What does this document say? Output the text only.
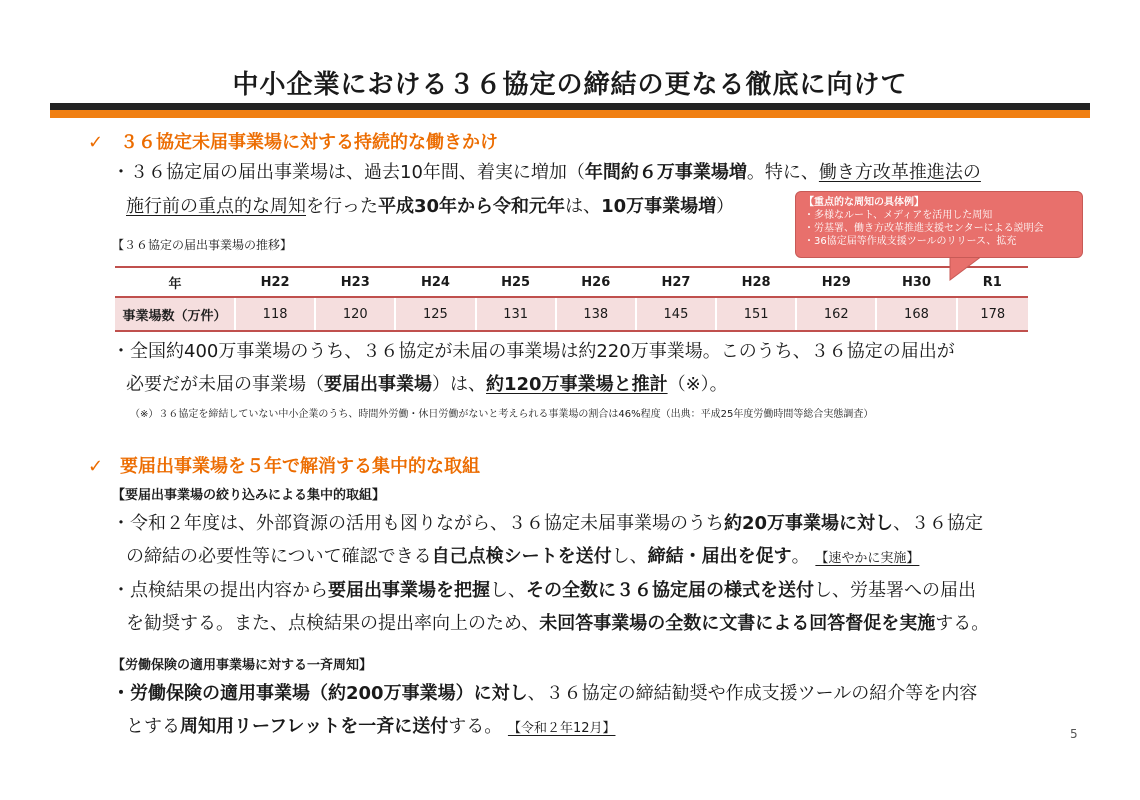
中小企業における３６協定の締結の更なる徹底に向けて
✓ ３６協定未届事業場に対する持続的な働きかけ
・３６協定届の届出事業場は、過去10年間、着実に増加（年間約６万事業場増。特に、働き方改革推進法の
施行前の重点的な周知を行った平成30年から令和元年は、10万事業場増）
【３６協定の届出事業場の推移】
年	H22	H23	H24	H25	H26	H27	H28	H29	H30	R1
事業場数（万件）	118	120	125	131	138	145	151	162	168	178
【重点的な周知の具体例】
・多様なルート、メディアを活用した周知
・労基署、働き方改革推進支援センターによる説明会
・36協定届等作成支援ツールのリリース、拡充
・全国約400万事業場のうち、３６協定が未届の事業場は約220万事業場。このうち、３６協定の届出が
必要だが未届の事業場（要届出事業場）は、約120万事業場と推計（※）。
（※）３６協定を締結していない中小企業のうち、時間外労働・休日労働がないと考えられる事業場の割合は46%程度（出典：平成25年度労働時間等総合実態調査）
✓ 要届出事業場を５年で解消する集中的な取組
【要届出事業場の絞り込みによる集中的取組】
・令和２年度は、外部資源の活用も図りながら、３６協定未届事業場のうち約20万事業場に対し、３６協定
の締結の必要性等について確認できる自己点検シートを送付し、締結・届出を促す。 【速やかに実施】
・点検結果の提出内容から要届出事業場を把握し、その全数に３６協定届の様式を送付し、労基署への届出
を勧奨する。また、点検結果の提出率向上のため、未回答事業場の全数に文書による回答督促を実施する。
【労働保険の適用事業場に対する一斉周知】
・労働保険の適用事業場（約200万事業場）に対し、３６協定の締結勧奨や作成支援ツールの紹介等を内容
とする周知用リーフレットを一斉に送付する。 【令和２年12月】	5
